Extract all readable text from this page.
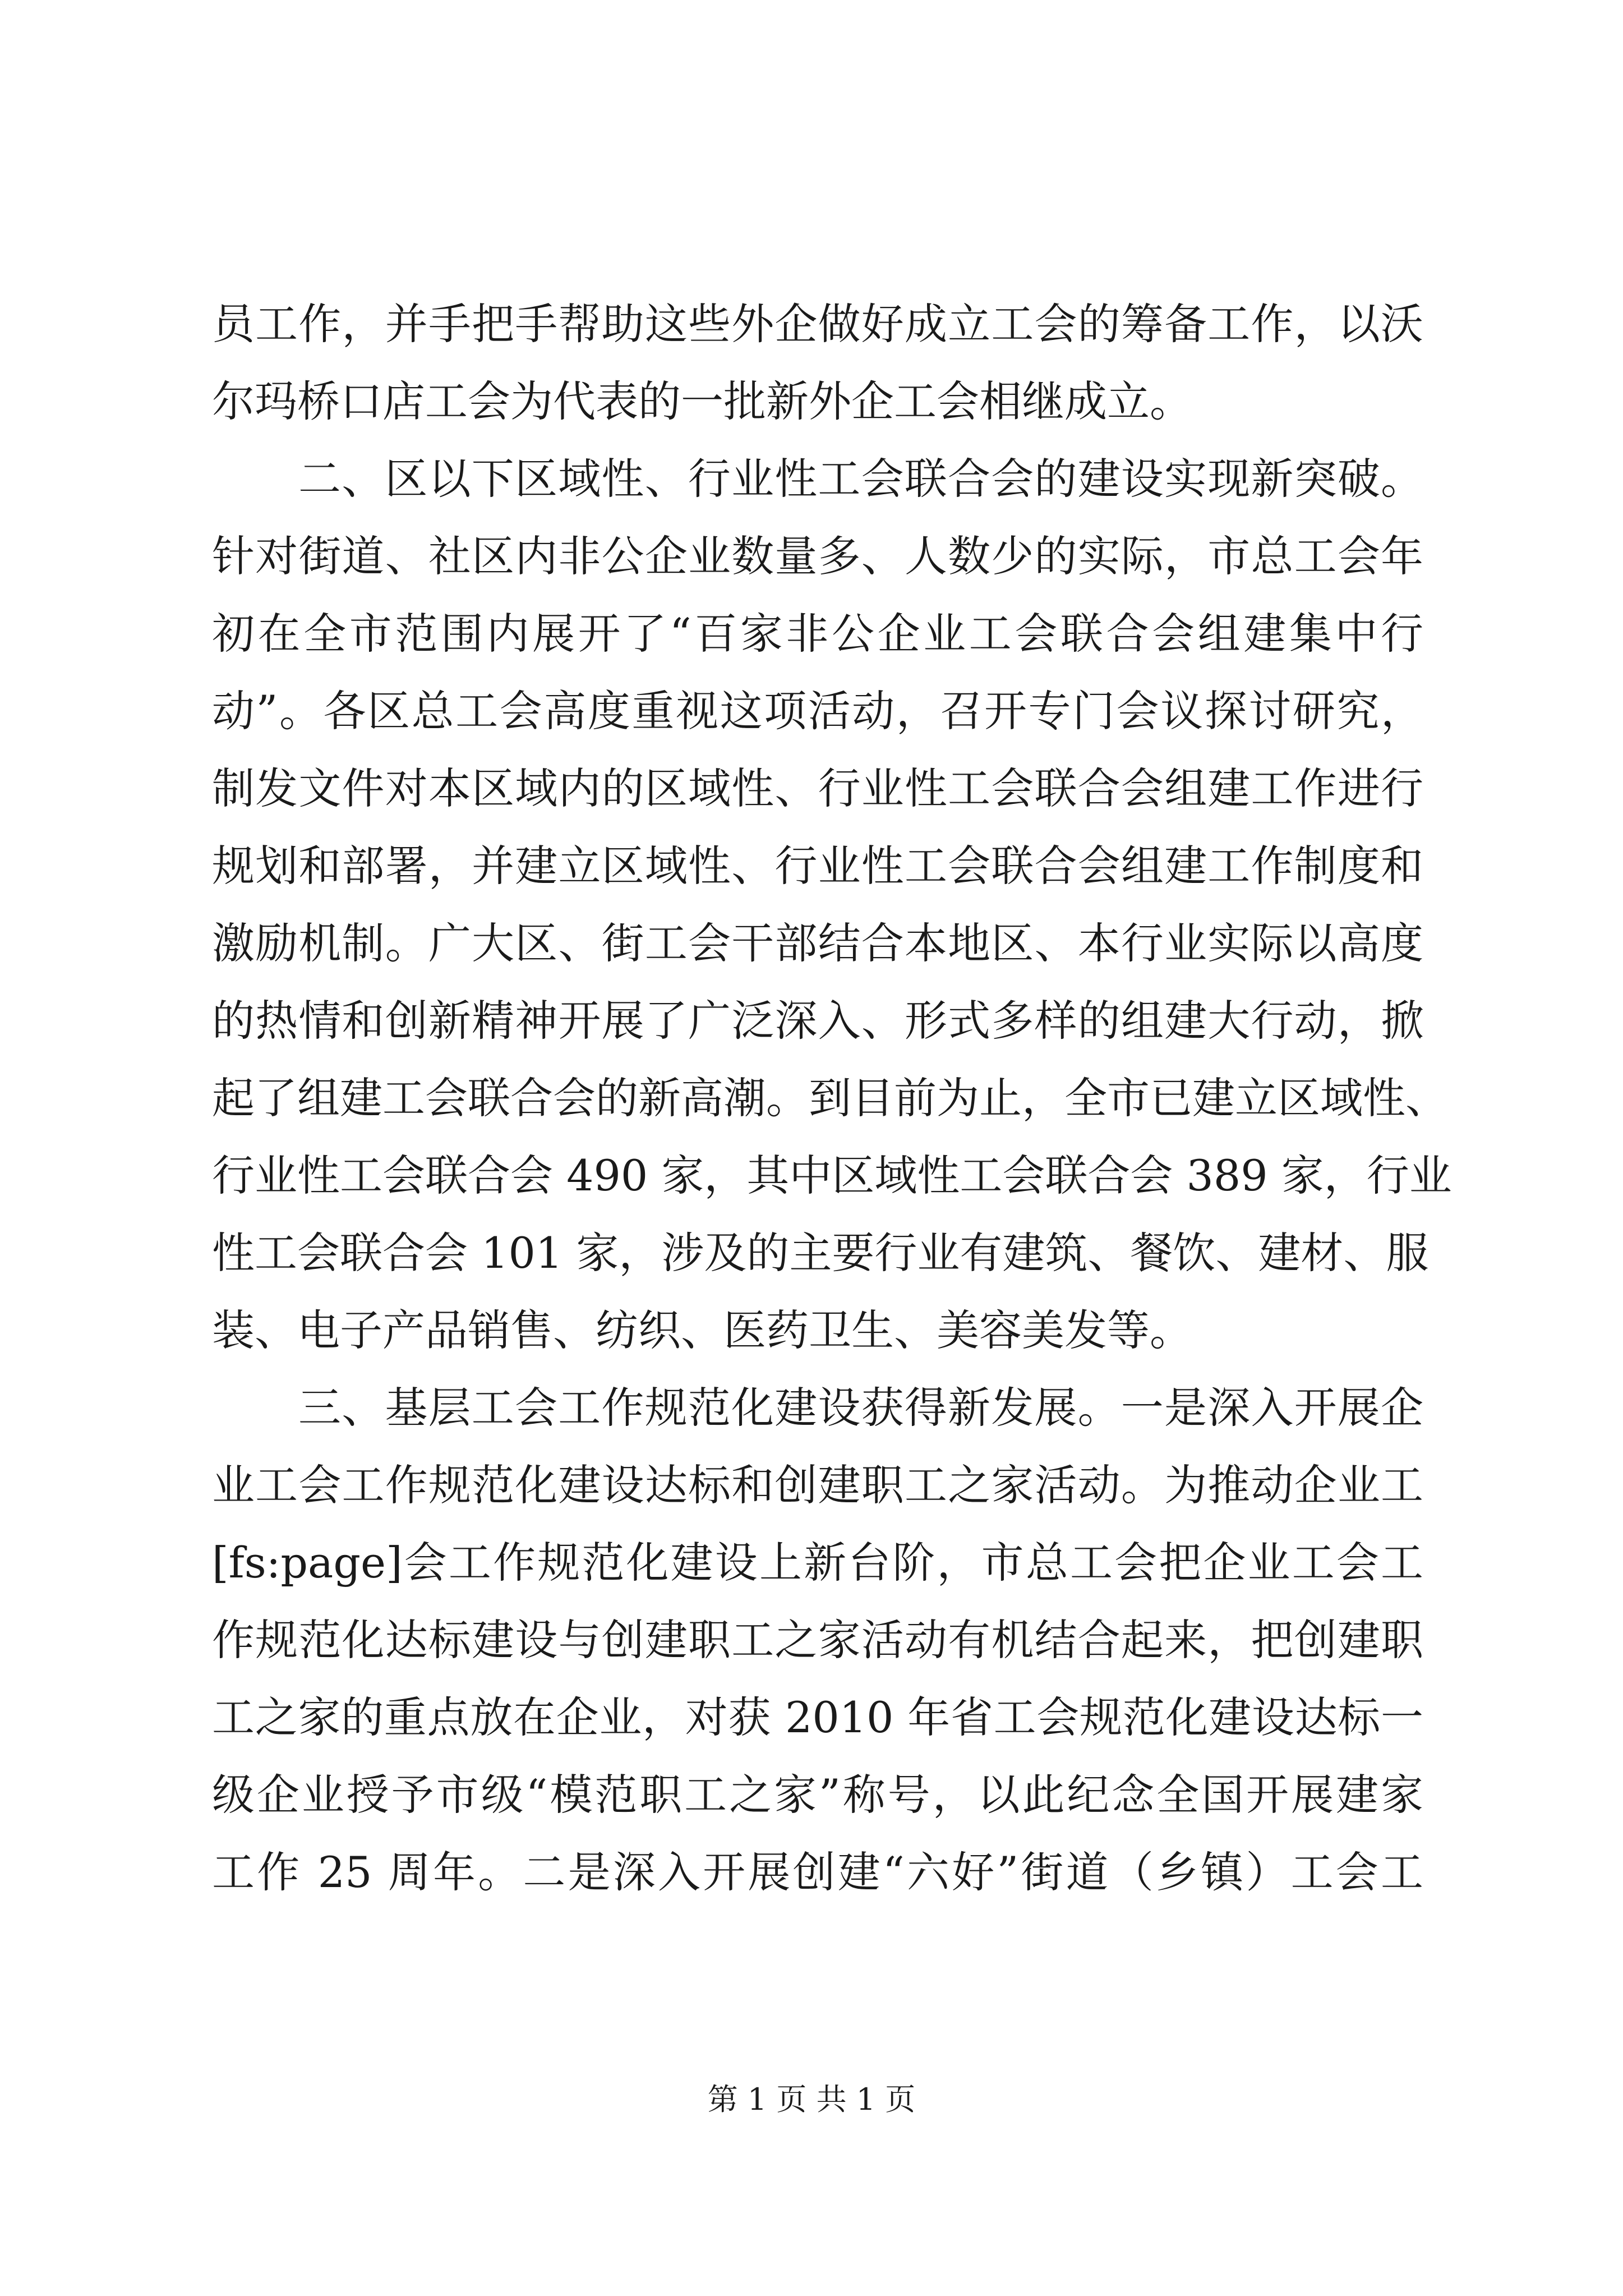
员工作，并手把手帮助这些外企做好成立工会的筹备工作，以沃

尔玛桥口店工会为代表的一批新外企工会相继成立。

二、区以下区域性、行业性工会联合会的建设实现新突破。

针对街道、社区内非公企业数量多、人数少的实际，市总工会年

初在全市范围内展开了“百家非公企业工会联合会组建集中行

动”。各区总工会高度重视这项活动，召开专门会议探讨研究，

制发文件对本区域内的区域性、行业性工会联合会组建工作进行

规划和部署，并建立区域性、行业性工会联合会组建工作制度和

激励机制。广大区、街工会干部结合本地区、本行业实际以高度

的热情和创新精神开展了广泛深入、形式多样的组建大行动，掀

起了组建工会联合会的新高潮。到目前为止，全市已建立区域性、

行业性工会联合会 490 家，其中区域性工会联合会 389 家，行业

性工会联合会 101 家，涉及的主要行业有建筑、餐饮、建材、服

装、电子产品销售、纺织、医药卫生、美容美发等。

三、基层工会工作规范化建设获得新发展。一是深入开展企

业工会工作规范化建设达标和创建职工之家活动。为推动企业工

[fs:page]会工作规范化建设上新台阶，市总工会把企业工会工

作规范化达标建设与创建职工之家活动有机结合起来，把创建职

工之家的重点放在企业，对获 2010 年省工会规范化建设达标一

级企业授予市级“模范职工之家”称号，以此纪念全国开展建家

工作 25 周年。二是深入开展创建“六好”街道（乡镇）工会工

第 1 页 共 1 页
